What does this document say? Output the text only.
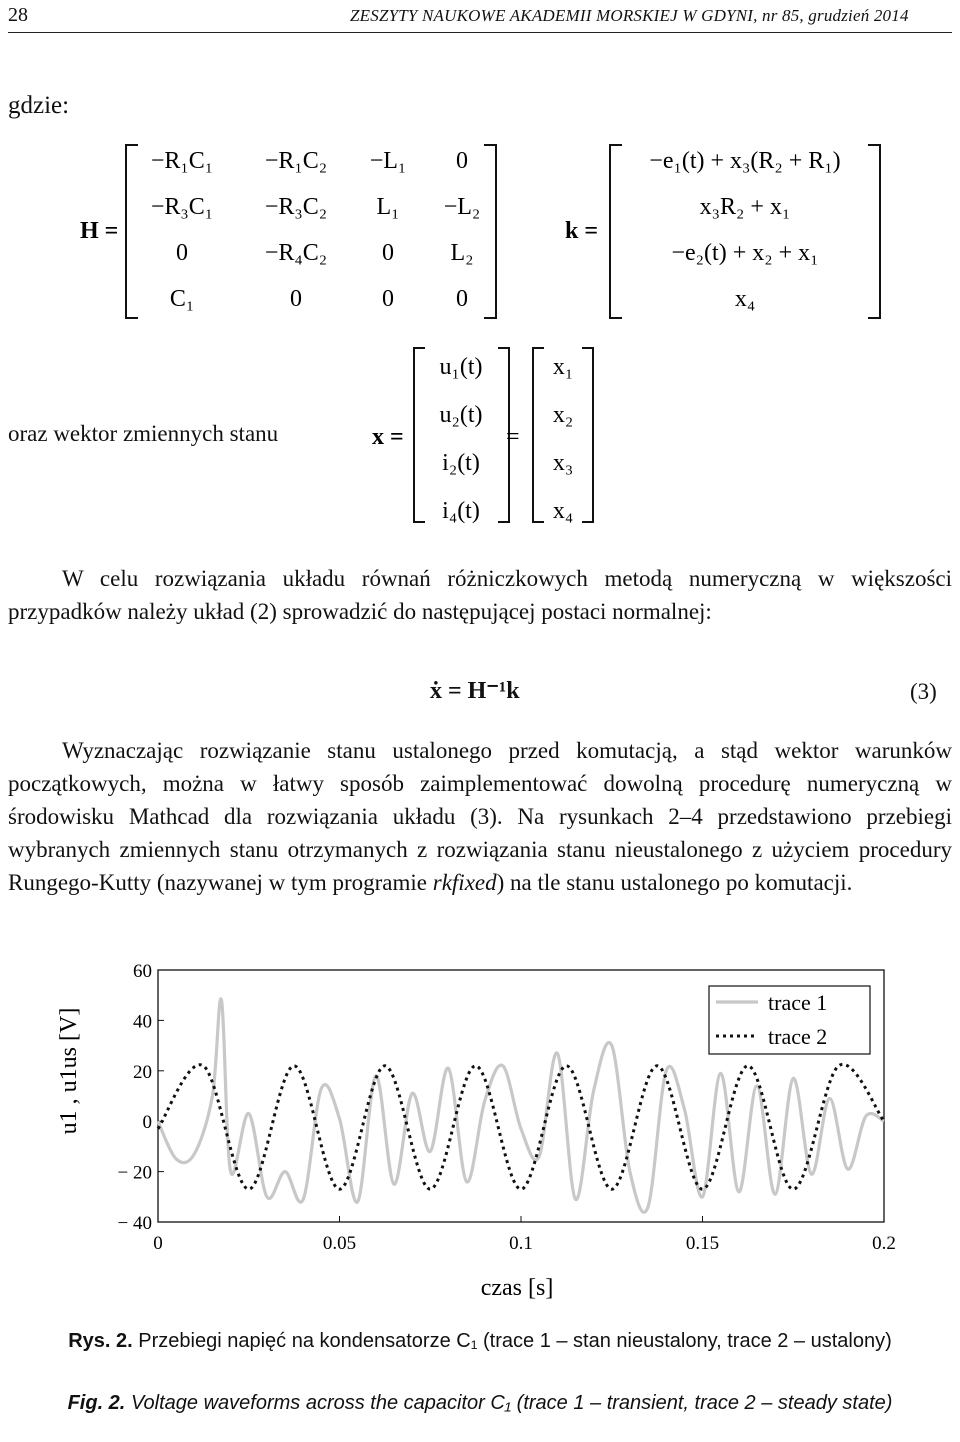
28	ZESZYTY NAUKOWE AKADEMII MORSKIEJ W GDYNI, nr 85, grudzień 2014
gdzie:
H =
−R₁C₁ −R₁C₂ −L₁ 0
−R₃C₁ −R₃C₂ L₁ −L₂
0	−R₄C₂ 0 L₂
C₁	0	0	0
k =
−e₁(t) + x₃(R₂ + R₁)
x₃R₂ + x₁
−e₂(t) + x₂ + x₁
x₄
oraz wektor zmiennych stanu	x =
u₁(t)
u₂(t)
i₂(t)
i₄(t)
=
x₁
x₂
x₃
x₄
W celu rozwiązania układu równań różniczkowych metodą numeryczną w większości przypadków należy układ (2) sprowadzić do następującej postaci normalnej:
ẋ = H⁻¹k	(3)
Wyznaczając rozwiązanie stanu ustalonego przed komutacją, a stąd wektor warunków początkowych, można w łatwy sposób zaimplementować dowolną procedurę numeryczną w środowisku Mathcad dla rozwiązania układu (3). Na rysunkach 2–4 przedstawiono przebiegi wybranych zmiennych stanu otrzymanych z rozwiązania stanu nieustalonego z użyciem procedury Rungego-Kutty (nazywanej w tym programie rkfixed) na tle stanu ustalonego po komutacji.
60
40
20
0
− 20
− 40
0	0.05	0.1	0.15	0.2
czas [s]
u1 , u1us [V]
trace 1
trace 2
Rys. 2. Przebiegi napięć na kondensatorze C₁ (trace 1 – stan nieustalony, trace 2 – ustalony)
Fig. 2. Voltage waveforms across the capacitor C₁ (trace 1 – transient, trace 2 – steady state)
